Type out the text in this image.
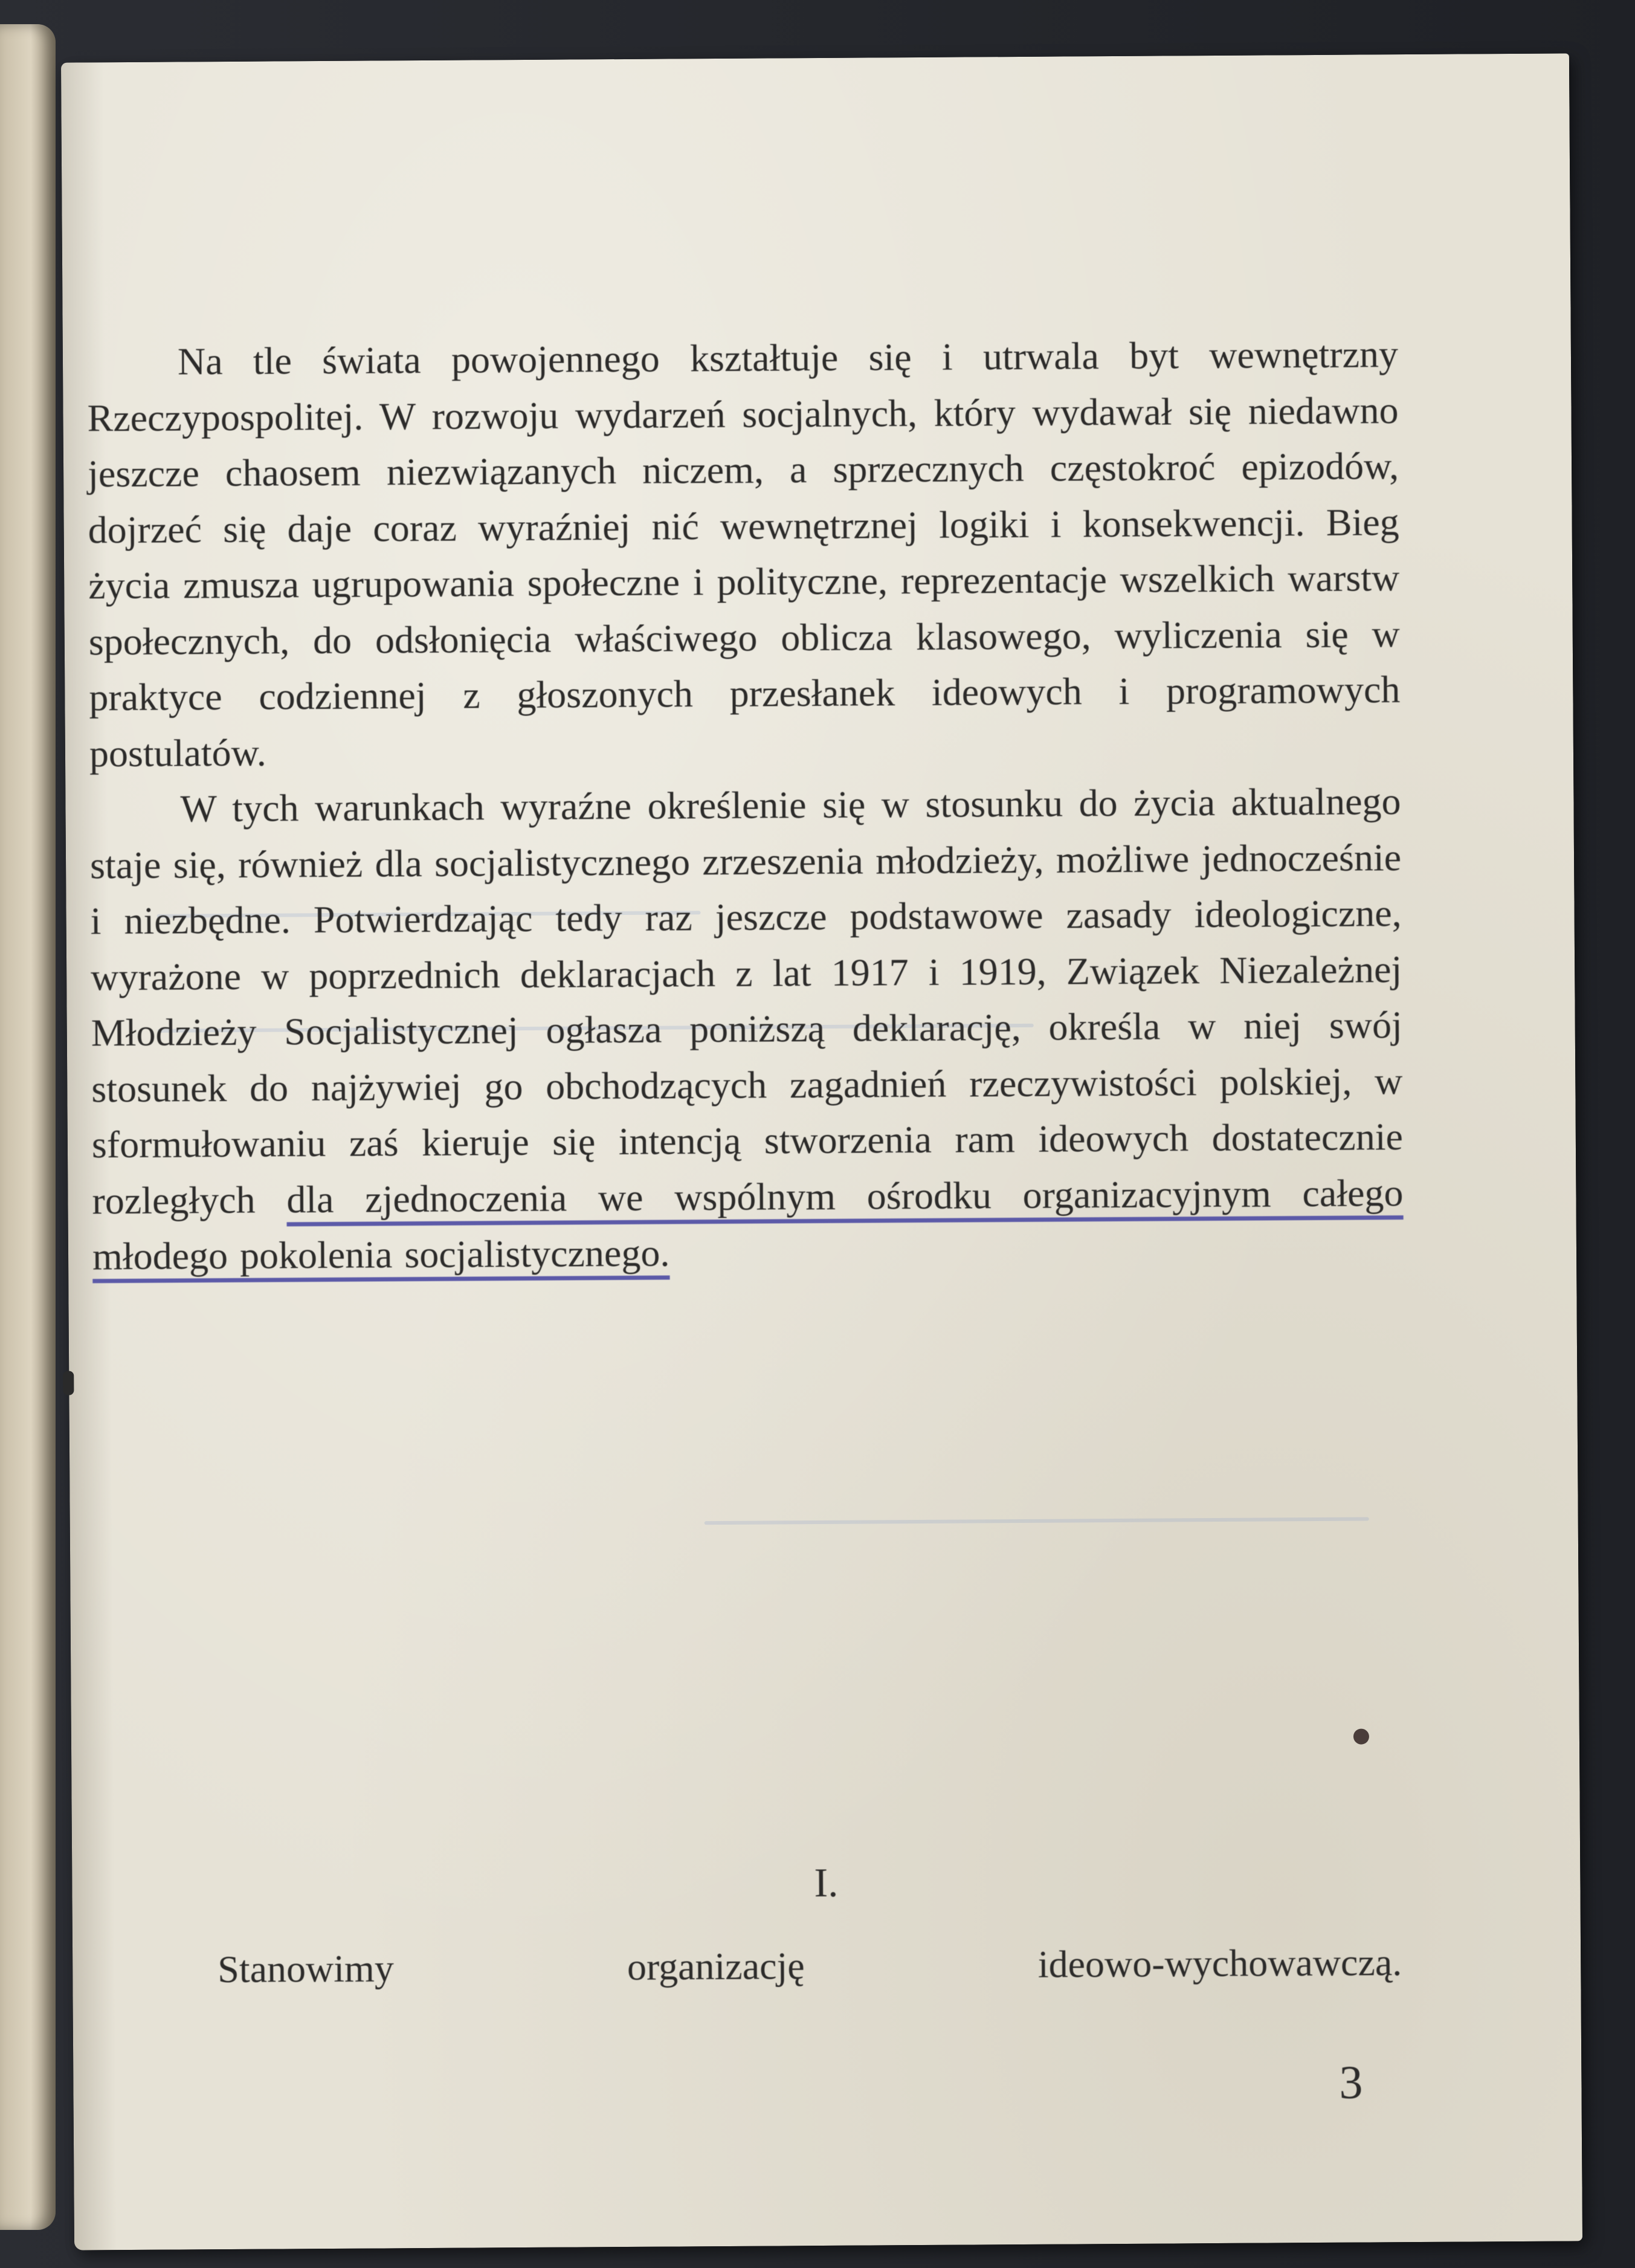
Na tle świata powojennego kształtuje się i utrwala byt wewnętrzny Rzeczypospolitej. W rozwoju wydarzeń socjalnych, który wydawał się niedawno jeszcze chaosem niezwiązanych niczem, a sprzecznych częstokroć epizodów, dojrzeć się daje coraz wyraźniej nić wewnętrznej logiki i konsekwencji. Bieg życia zmusza ugrupowania społeczne i polityczne, reprezentacje wszelkich warstw społecznych, do odsłonięcia właściwego oblicza klasowego, wyliczenia się w praktyce codziennej z głoszonych przesłanek ideowych i programowych postulatów.

W tych warunkach wyraźne określenie się w stosunku do życia aktualnego staje się, również dla socjalistycznego zrzeszenia młodzieży, możliwe jednocześnie i niezbędne. Potwierdzając tedy raz jeszcze podstawowe zasady ideologiczne, wyrażone w poprzednich deklaracjach z lat 1917 i 1919, Związek Niezależnej Młodzieży Socjalistycznej ogłasza poniższą deklarację, określa w niej swój stosunek do najżywiej go obchodzących zagadnień rzeczywistości polskiej, w sformułowaniu zaś kieruje się intencją stworzenia ram ideowych dostatecznie rozległych dla zjednoczenia we wspólnym ośrodku organizacyjnym całego młodego pokolenia socjalistycznego.

I.
Stanowimy organizację ideowo-wychowawczą.
3
